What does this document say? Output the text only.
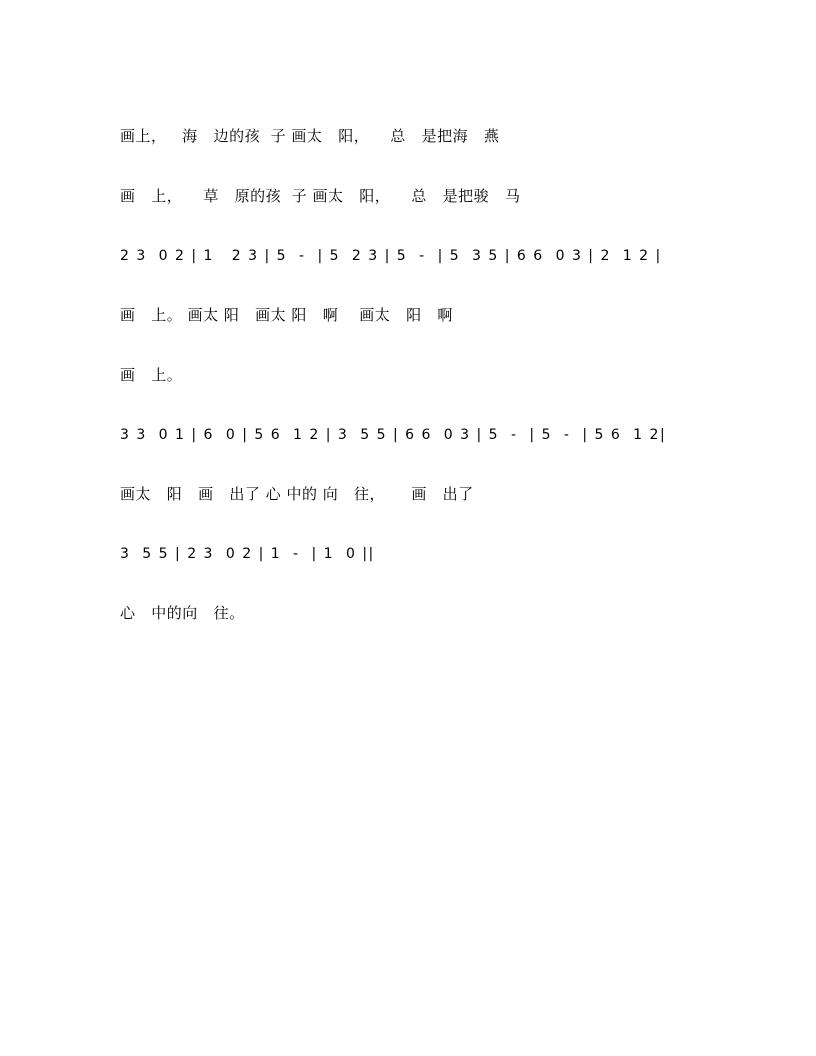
画上，   海   边的孩  子 画太   阳，    总   是把海   燕
画   上，    草   原的孩  子 画太   阳，    总   是把骏   马
2 3  0 2 | 1   2 3 | 5  -  | 5  2 3 | 5  -  | 5  3 5 | 6 6  0 3 | 2  1 2 |
画   上。 画太 阳   画太 阳   啊    画太   阳   啊
画   上。
3 3  0 1 | 6  0 | 5 6  1 2 | 3  5 5 | 6 6  0 3 | 5  -  | 5  -  | 5 6  1 2|
画太   阳   画   出了 心 中的 向   往，     画   出了
3  5 5 | 2 3  0 2 | 1  -  | 1  0 ||
心   中的向   往。
